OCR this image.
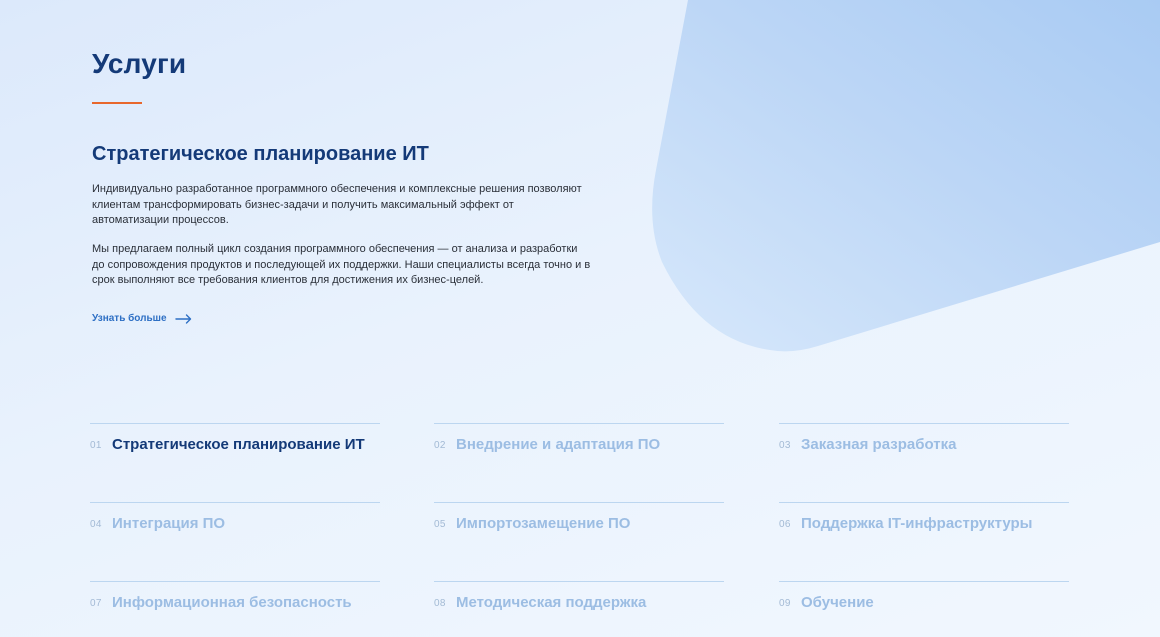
Услуги
Стратегическое планирование ИТ

Индивидуально разработанное программного обеспечения и комплексные решения позволяют клиентам трансформировать бизнес-задачи и получить максимальный эффект от автоматизации процессов.

Мы предлагаем полный цикл создания программного обеспечения — от анализа и разработки до сопровождения продуктов и последующей их поддержки. Наши специалисты всегда точно и в срок выполняют все требования клиентов для достижения их бизнес-целей.

Узнать больше
01 Стратегическое планирование ИТ	02 Внедрение и адаптация ПО	03 Заказная разработка
04 Интеграция ПО	05 Импортозамещение ПО	06 Поддержка IT-инфраструктуры
07 Информационная безопасность	08 Методическая поддержка	09 Обучение
